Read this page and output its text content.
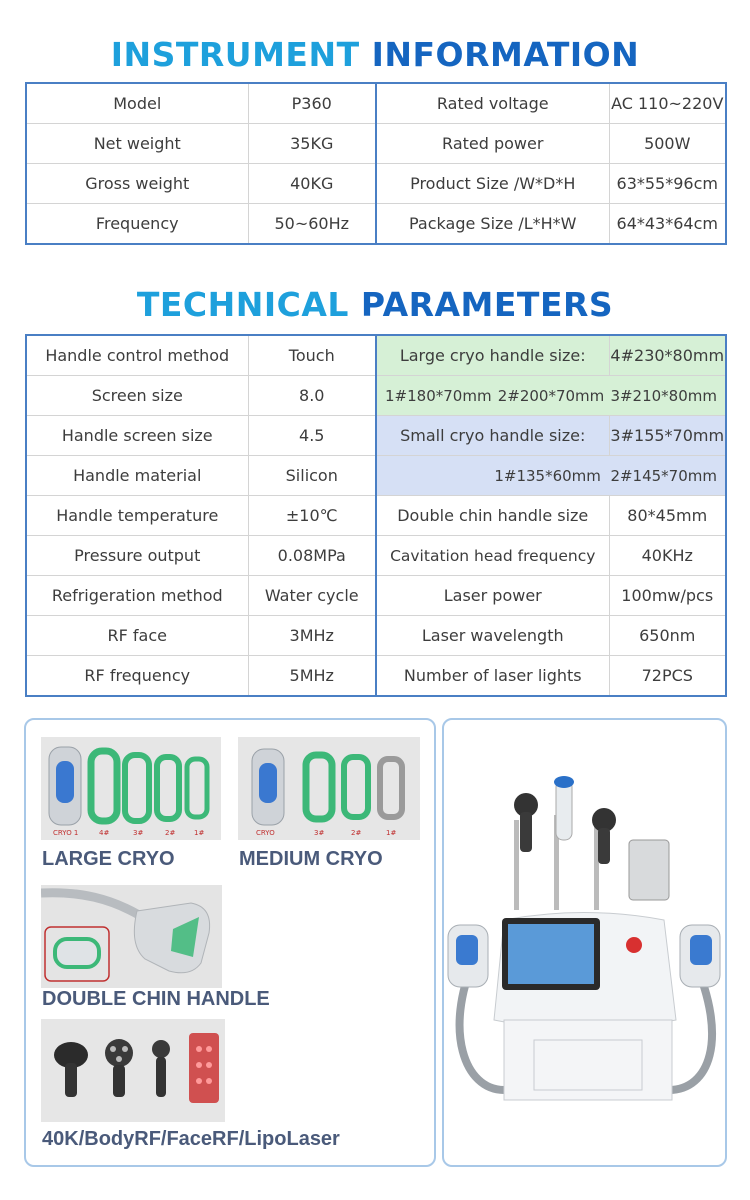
INSTRUMENT INFORMATION
Model	P360	Rated voltage	AC 110~220V
Net weight	35KG	Rated power	500W
Gross weight	40KG	Product Size /W*D*H	63*55*96cm
Frequency	50~60Hz	Package Size /L*H*W	64*43*64cm
TECHNICAL PARAMETERS
Handle control method	Touch	Large cryo handle size:	4#230*80mm
Screen size	8.0	1#180*70mm 2#200*70mm 3#210*80mm	

Handle screen size	4.5	Small cryo handle size:	3#155*70mm
Handle material	Silicon	1#135*60mm 2#145*70mm	

Handle temperature	±10℃	Double chin handle size	80*45mm
Pressure output	0.08MPa	Cavitation head frequency	40KHz
Refrigeration method	Water cycle	Laser power	100mw/pcs
RF face	3MHz	Laser wavelength	650nm
RF frequency	5MHz	Number of laser lights	72PCS
CRYO 1	4#	3#	2#	1#
LARGE CRYO
CRYO	3#	2#	1#
MEDIUM CRYO
DOUBLE CHIN HANDLE
40K/BodyRF/FaceRF/LipoLaser
